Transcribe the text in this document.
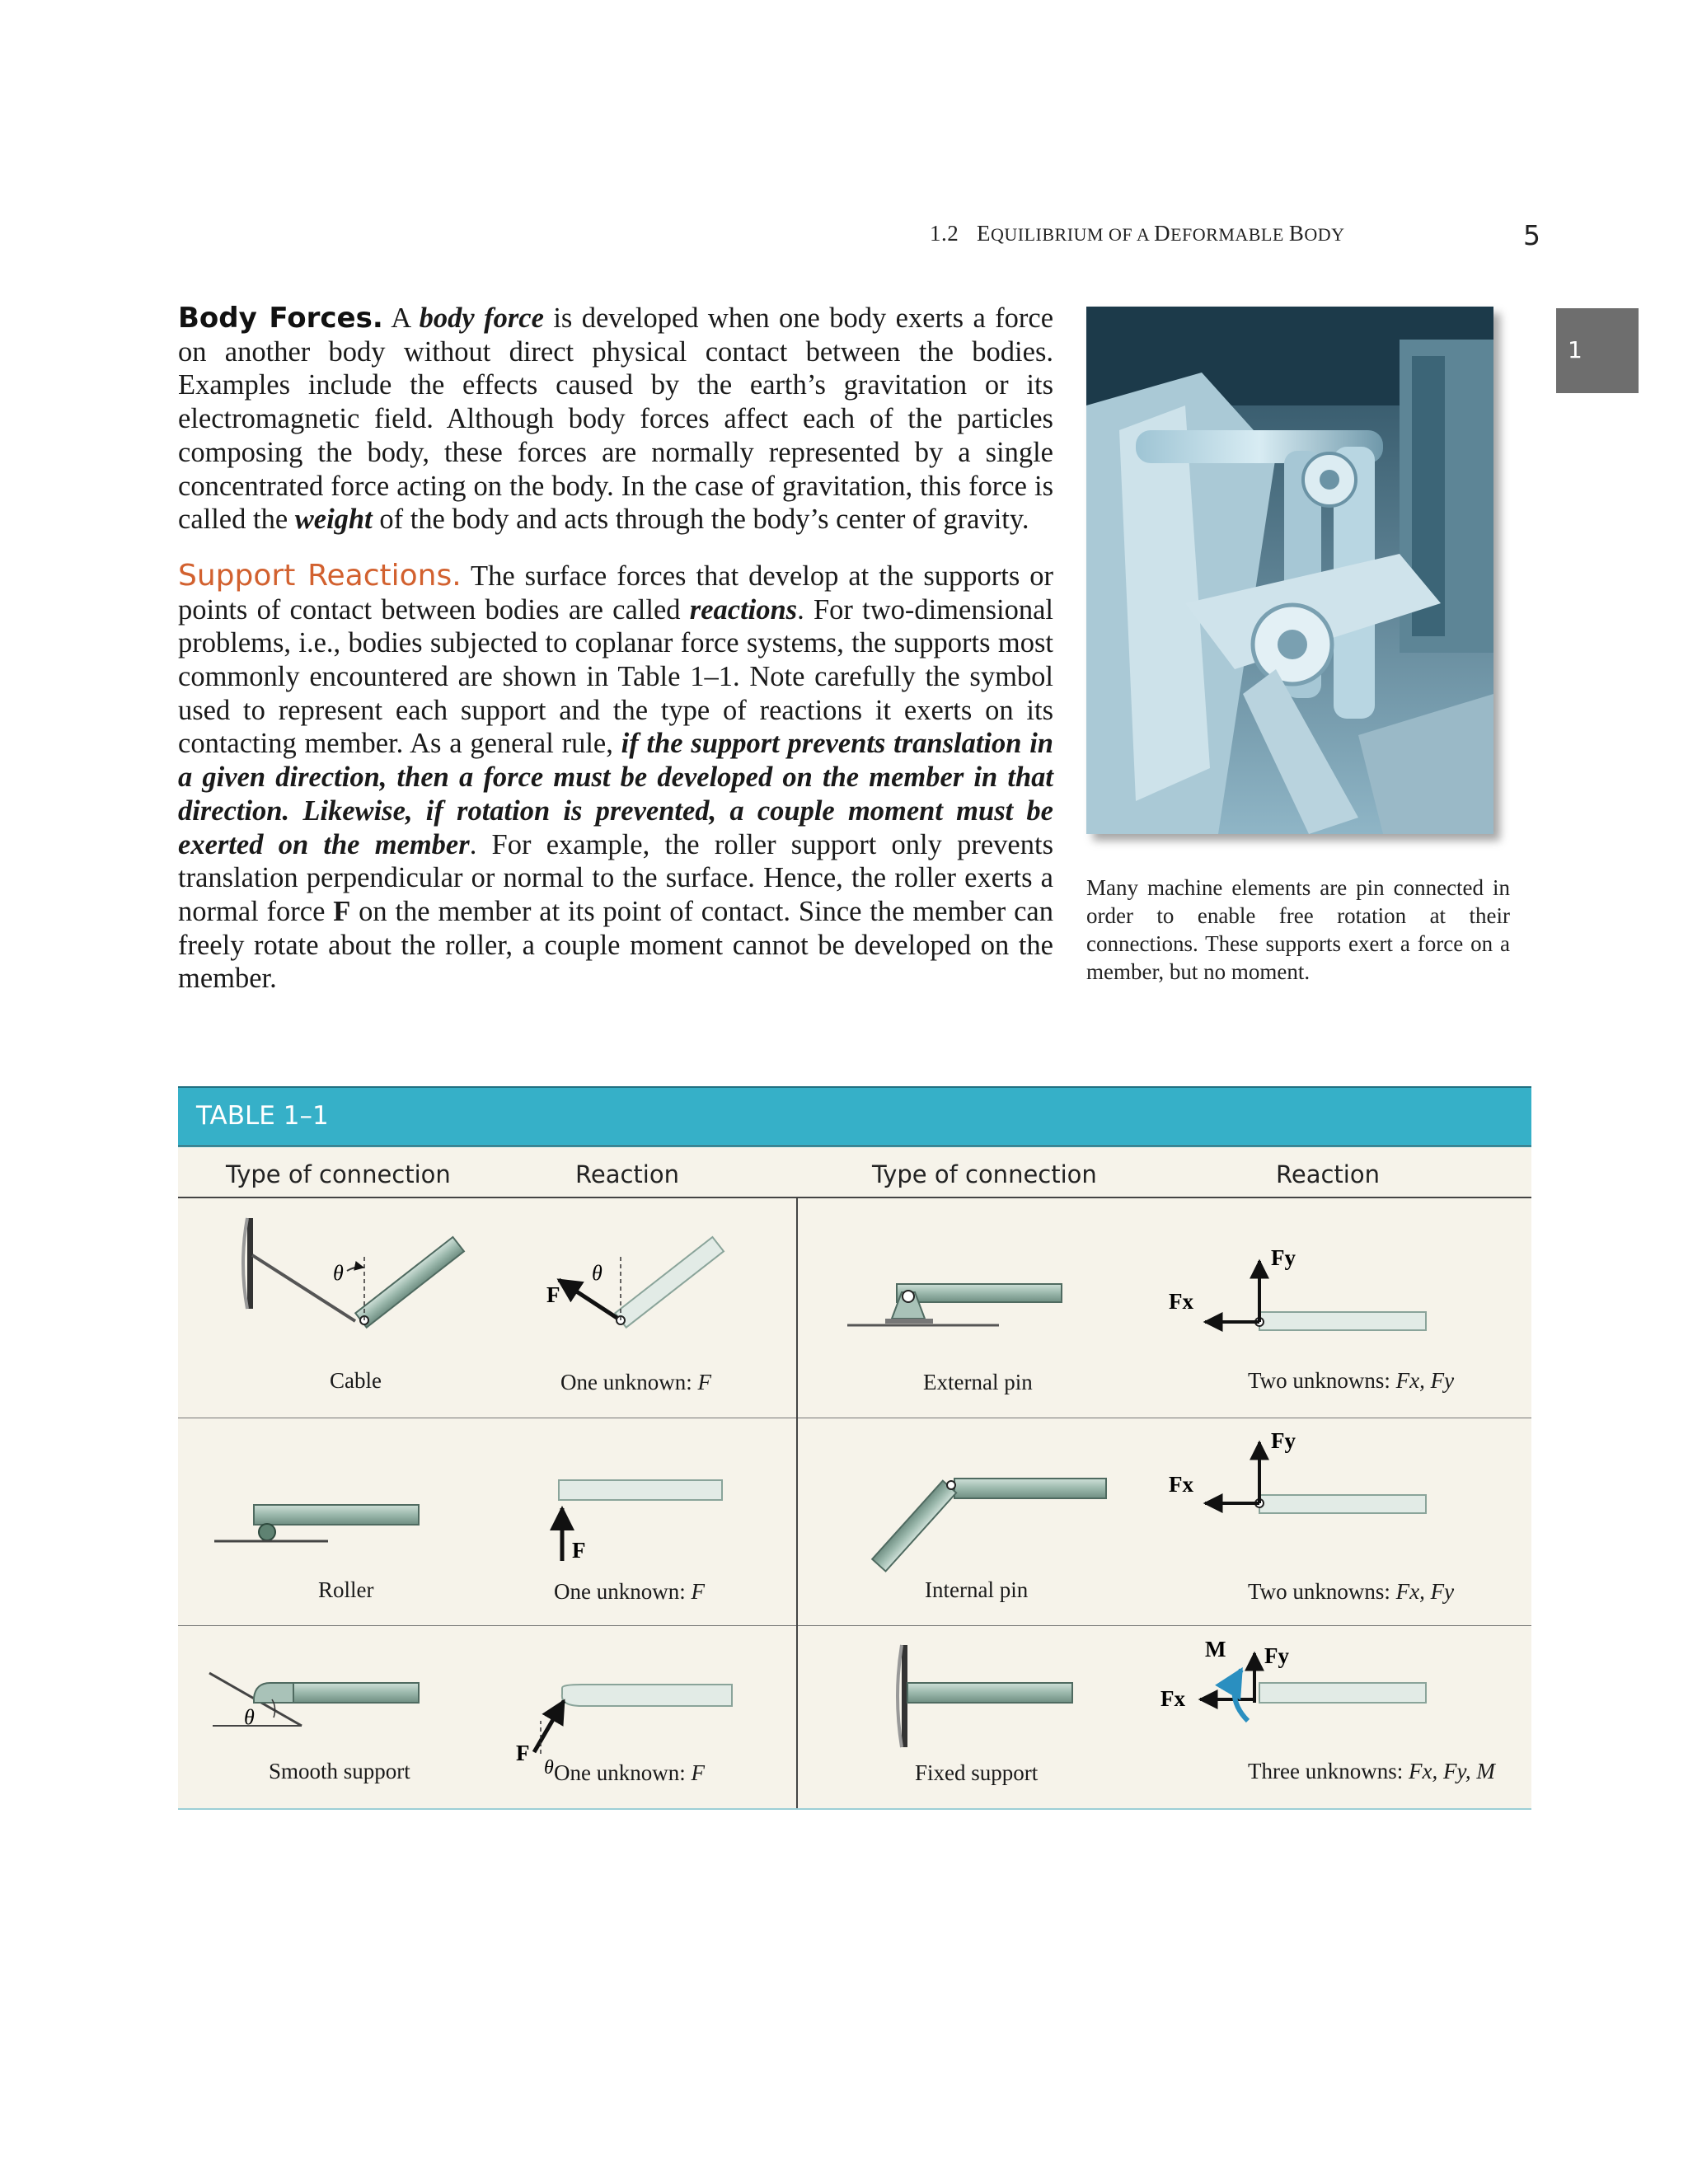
1.2 EQUILIBRIUM OF A DEFORMABLE BODY	5
1

Body Forces. A body force is developed when one body exerts a force on another body without direct physical contact between the bodies. Examples include the effects caused by the earth’s gravitation or its electromagnetic field. Although body forces affect each of the particles composing the body, these forces are normally represented by a single concentrated force acting on the body. In the case of gravitation, this force is called the weight of the body and acts through the body’s center of gravity.

Support Reactions. The surface forces that develop at the supports or points of contact between bodies are called reactions. For two-dimensional problems, i.e., bodies subjected to coplanar force systems, the supports most commonly encountered are shown in Table 1–1. Note carefully the symbol used to represent each support and the type of reactions it exerts on its contacting member. As a general rule, if the support prevents translation in a given direction, then a force must be developed on the member in that direction. Likewise, if rotation is prevented, a couple moment must be exerted on the member. For example, the roller support only prevents translation perpendicular or normal to the surface. Hence, the roller exerts a normal force F on the member at its point of contact. Since the member can freely rotate about the roller, a couple moment cannot be developed on the member.

Many machine elements are pin connected in order to enable free rotation at their connections. These supports exert a force on a member, but no moment.
TABLE 1–1
Type of connection	Reaction	Type of connection	Reaction
θ
F
θ
Fy
Fx
F
Fy
Fx
θ
F
θ
M Fy
Fx
Cable	One unknown: F	External pin	Two unknowns: Fx, Fy
Roller	One unknown: F	Internal pin	Two unknowns: Fx, Fy
Smooth support	One unknown: F	Fixed support	Three unknowns: Fx, Fy, M
